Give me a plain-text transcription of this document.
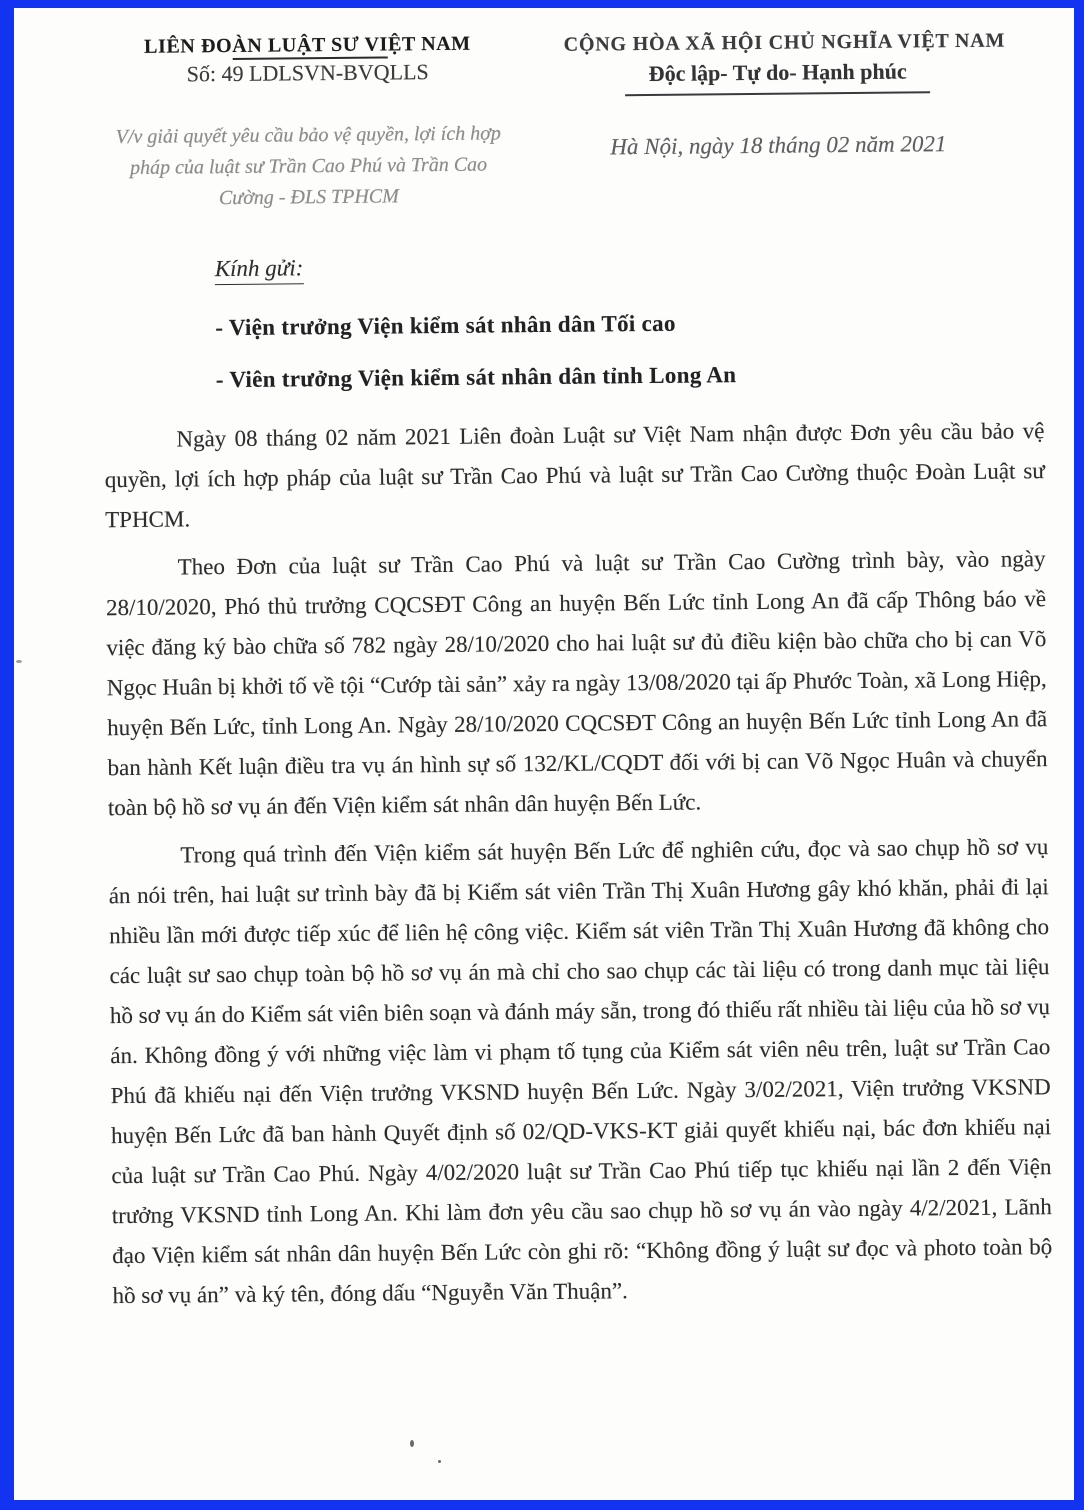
LIÊN ĐOÀN LUẬT SƯ VIỆT NAM
Số: 49 LDLSVN-BVQLLS
V/v giải quyết yêu cầu bảo vệ quyền, lợi ích hợp pháp của luật sư Trần Cao Phú và Trần Cao Cường - ĐLS TPHCM
CỘNG HÒA XÃ HỘI CHỦ NGHĨA VIỆT NAM
Độc lập- Tự do- Hạnh phúc
Hà Nội, ngày 18 tháng 02 năm 2021
Kính gửi:
- Viện trưởng Viện kiểm sát nhân dân Tối cao
- Viên trưởng Viện kiểm sát nhân dân tỉnh Long An

Ngày 08 tháng 02 năm 2021 Liên đoàn Luật sư Việt Nam nhận được Đơn yêu cầu bảo vệ quyền, lợi ích hợp pháp của luật sư Trần Cao Phú và luật sư Trần Cao Cường thuộc Đoàn Luật sư TPHCM.

Theo Đơn của luật sư Trần Cao Phú và luật sư Trần Cao Cường trình bày, vào ngày 28/10/2020, Phó thủ trưởng CQCSĐT Công an huyện Bến Lức tỉnh Long An đã cấp Thông báo về việc đăng ký bào chữa số 782 ngày 28/10/2020 cho hai luật sư đủ điều kiện bào chữa cho bị can Võ Ngọc Huân bị khởi tố về tội “Cướp tài sản” xảy ra ngày 13/08/2020 tại ấp Phước Toàn, xã Long Hiệp, huyện Bến Lức, tỉnh Long An. Ngày 28/10/2020 CQCSĐT Công an huyện Bến Lức tỉnh Long An đã ban hành Kết luận điều tra vụ án hình sự số 132/KL/CQDT đối với bị can Võ Ngọc Huân và chuyển toàn bộ hồ sơ vụ án đến Viện kiểm sát nhân dân huyện Bến Lức.

Trong quá trình đến Viện kiểm sát huyện Bến Lức để nghiên cứu, đọc và sao chụp hồ sơ vụ án nói trên, hai luật sư trình bày đã bị Kiểm sát viên Trần Thị Xuân Hương gây khó khăn, phải đi lại nhiều lần mới được tiếp xúc để liên hệ công việc. Kiểm sát viên Trần Thị Xuân Hương đã không cho các luật sư sao chụp toàn bộ hồ sơ vụ án mà chỉ cho sao chụp các tài liệu có trong danh mục tài liệu hồ sơ vụ án do Kiểm sát viên biên soạn và đánh máy sẵn, trong đó thiếu rất nhiều tài liệu của hồ sơ vụ án. Không đồng ý với những việc làm vi phạm tố tụng của Kiểm sát viên nêu trên, luật sư Trần Cao Phú đã khiếu nại đến Viện trưởng VKSND huyện Bến Lức. Ngày 3/02/2021, Viện trưởng VKSND huyện Bến Lức đã ban hành Quyết định số 02/QD-VKS-KT giải quyết khiếu nại, bác đơn khiếu nại của luật sư Trần Cao Phú. Ngày 4/02/2020 luật sư Trần Cao Phú tiếp tục khiếu nại lần 2 đến Viện trưởng VKSND tỉnh Long An. Khi làm đơn yêu cầu sao chụp hồ sơ vụ án vào ngày 4/2/2021, Lãnh đạo Viện kiểm sát nhân dân huyện Bến Lức còn ghi rõ: “Không đồng ý luật sư đọc và photo toàn bộ hồ sơ vụ án” và ký tên, đóng dấu “Nguyễn Văn Thuận”.
